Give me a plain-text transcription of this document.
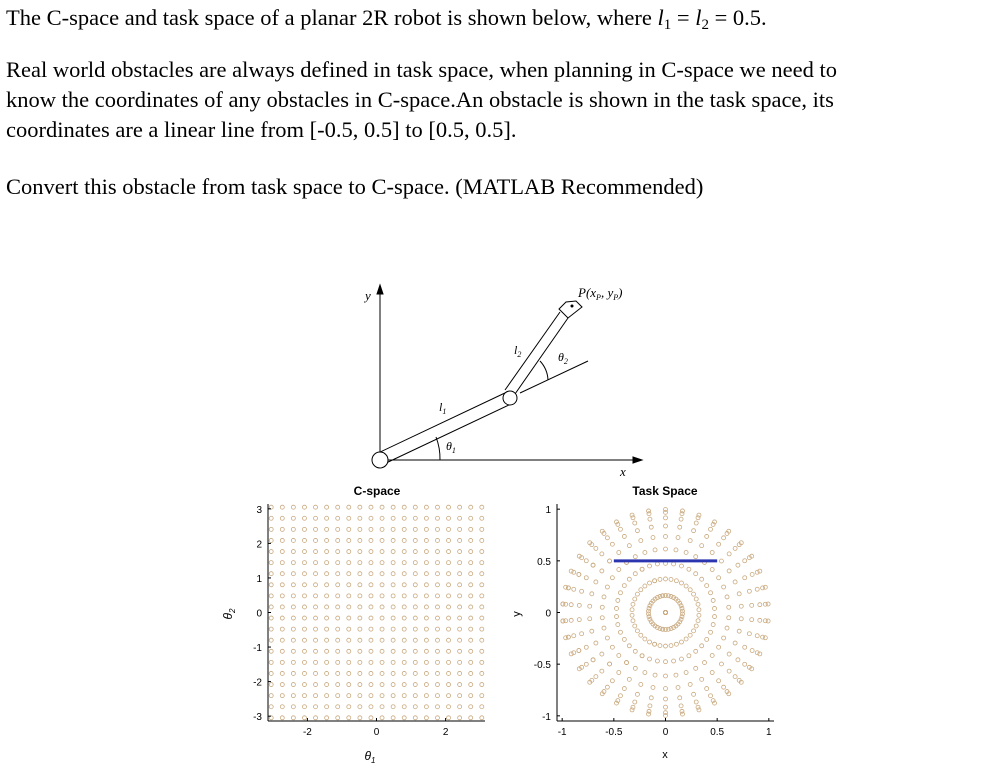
The C-space and task space of a planar 2R robot is shown below, where $l_1 = l_2 = 0.5$.

Real world obstacles are always defined in task space, when planning in C-space we need to
know the coordinates of any obstacles in C-space.An obstacle is shown in the task space, its
coordinates are a linear line from [-0.5, 0.5] to [0.5, 0.5].

Convert this obstacle from task space to C-space. (MATLAB Recommended)

y
x
$l_1$
$l_2$
$\theta_1$
$\theta_2$
$P(x_P$, $y_P$)
C-space
-2	0	2
3
2
1
0
-1
-2
-3
$\theta_1$
$\theta_2$
Task Space
-1	-0.5	0	0.5	1
1
0.5
0
-0.5
-1
x
y
